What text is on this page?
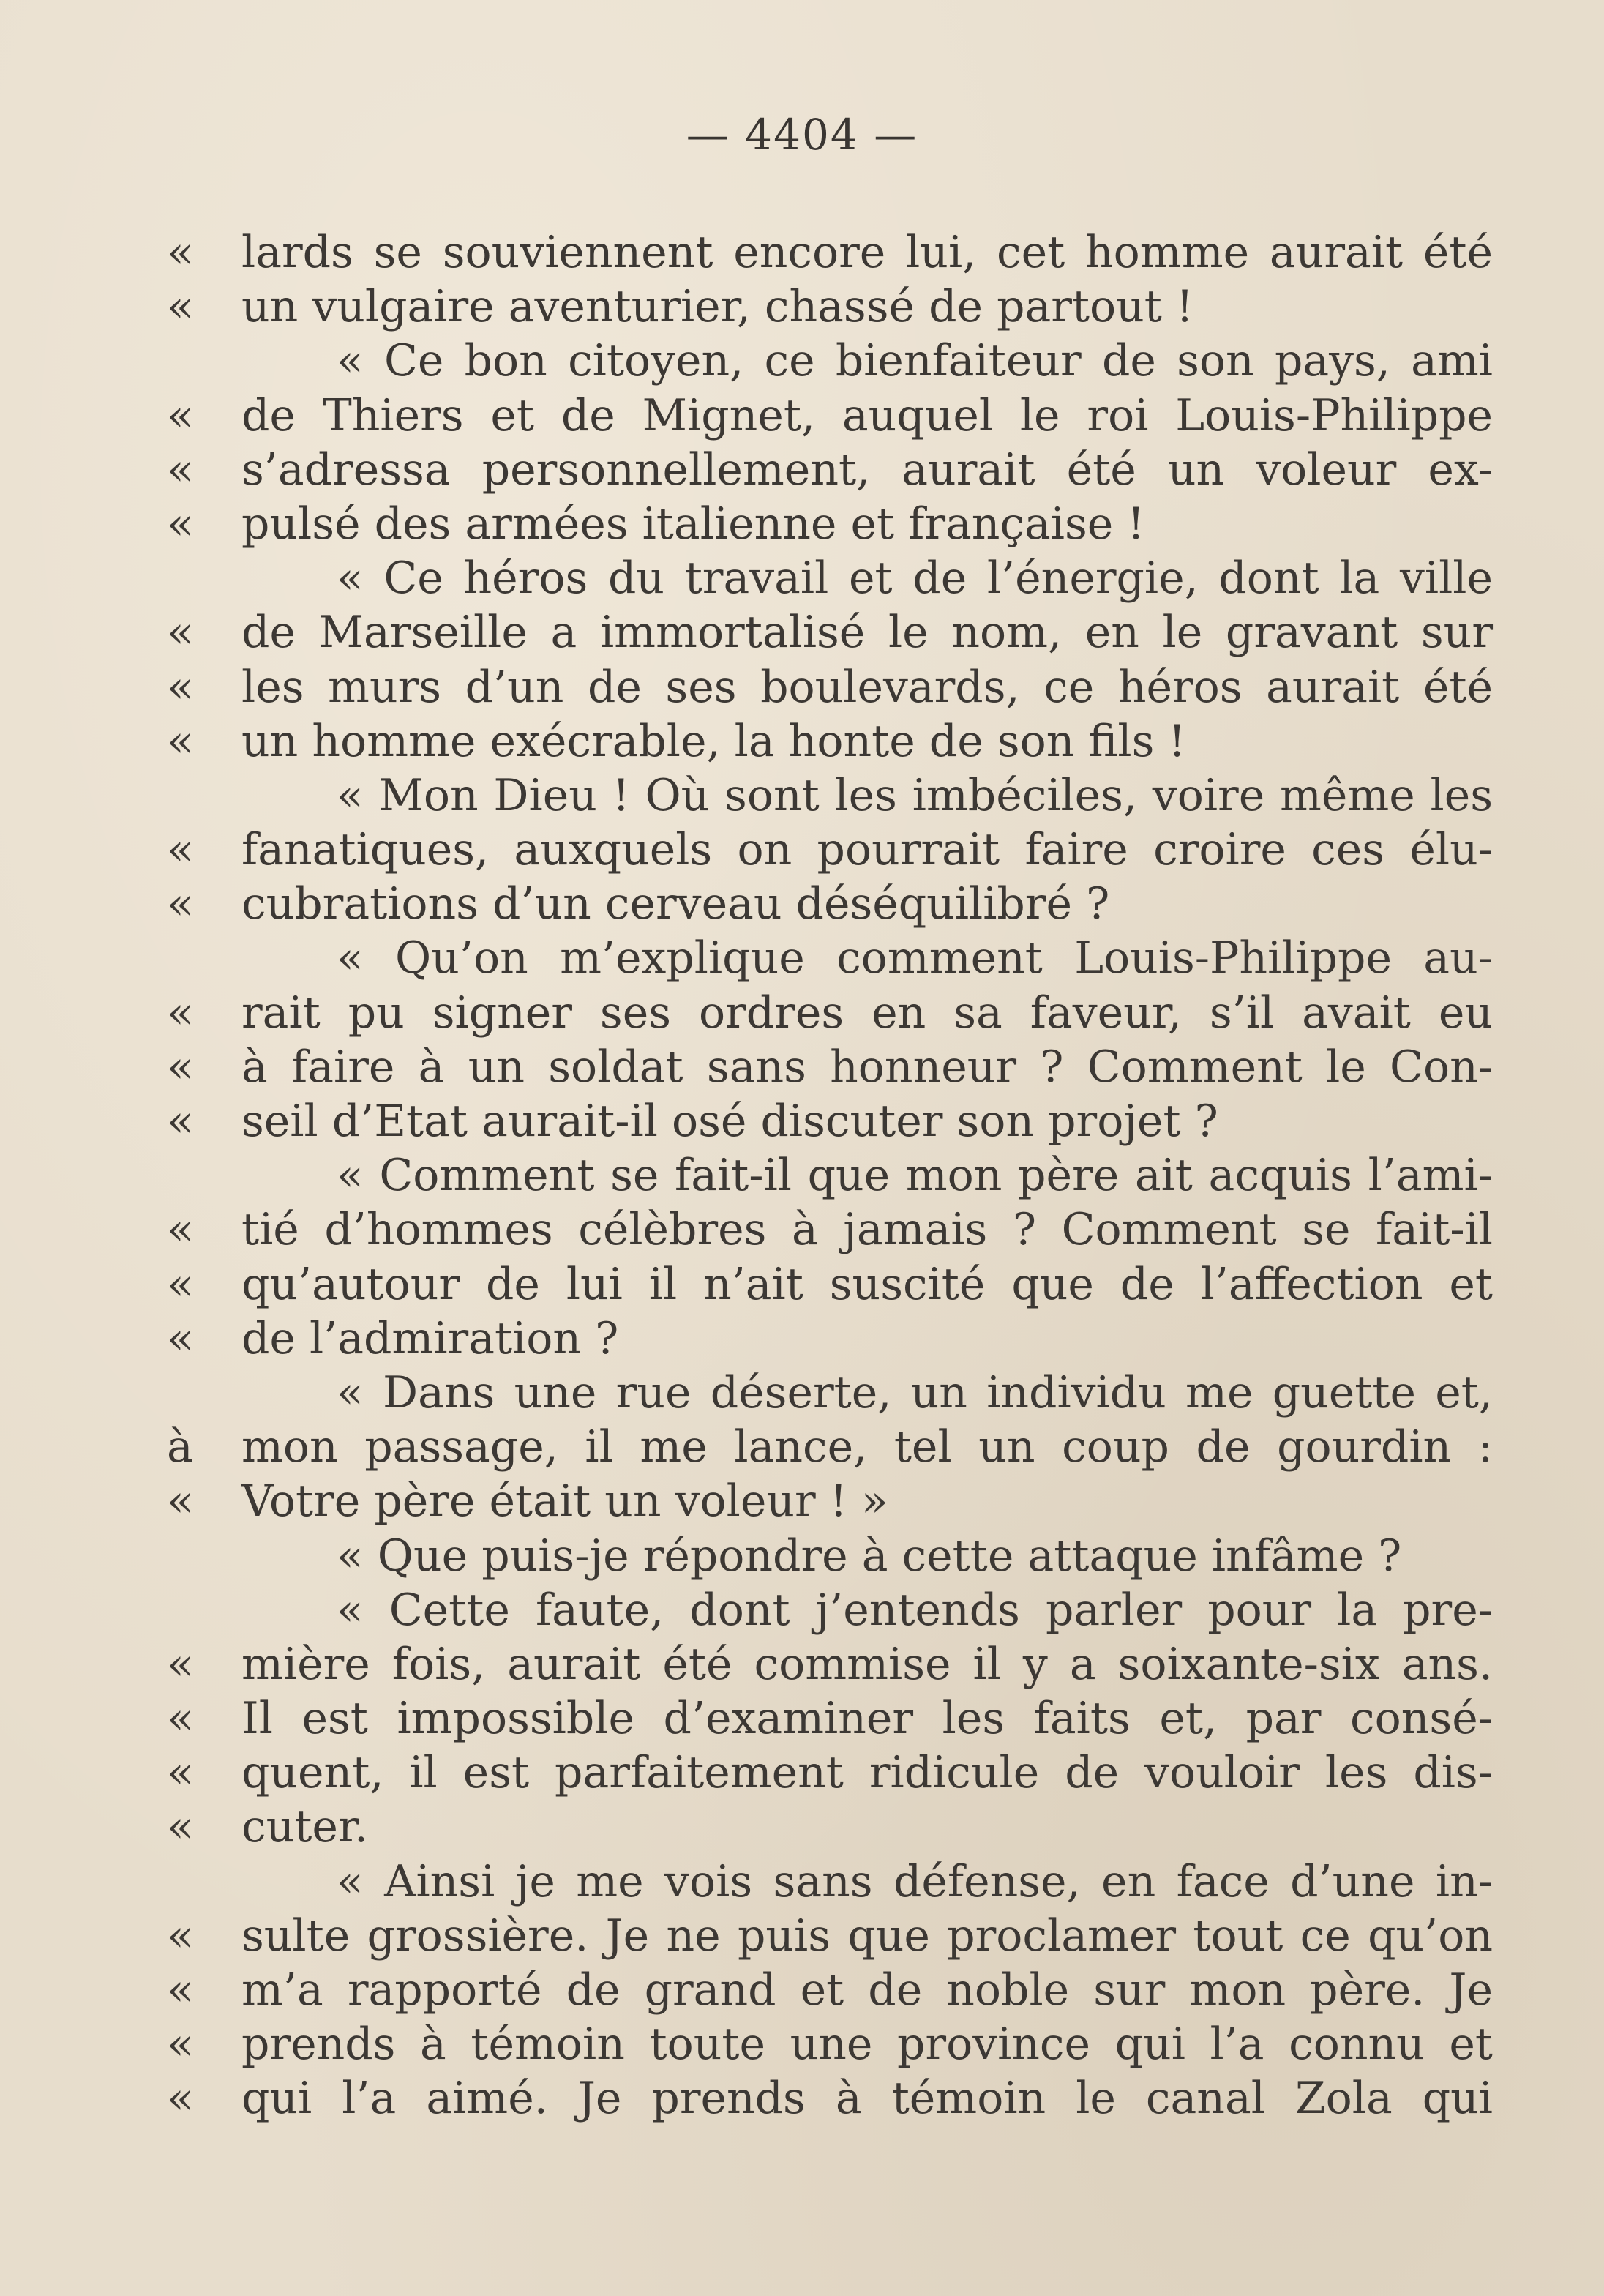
— 4404 —
«	lards se souviennent encore lui, cet homme aurait été
«	un vulgaire aventurier, chassé de partout !
« Ce bon citoyen, ce bienfaiteur de son pays, ami
«	de Thiers et de Mignet, auquel le roi Louis-Philippe
«	s’adressa personnellement, aurait été un voleur ex-
«	pulsé des armées italienne et française !
« Ce héros du travail et de l’énergie, dont la ville
«	de Marseille a immortalisé le nom, en le gravant sur
«	les murs d’un de ses boulevards, ce héros aurait été
«	un homme exécrable, la honte de son fils !
« Mon Dieu ! Où sont les imbéciles, voire même les
«	fanatiques, auxquels on pourrait faire croire ces élu-
«	cubrations d’un cerveau déséquilibré ?
« Qu’on m’explique comment Louis-Philippe au-
«	rait pu signer ses ordres en sa faveur, s’il avait eu
«	à faire à un soldat sans honneur ? Comment le Con-
«	seil d’Etat aurait-il osé discuter son projet ?
« Comment se fait-il que mon père ait acquis l’ami-
«	tié d’hommes célèbres à jamais ? Comment se fait-il
«	qu’autour de lui il n’ait suscité que de l’affection et
«	de l’admiration ?
« Dans une rue déserte, un individu me guette et,
à	mon passage, il me lance, tel un coup de gourdin :
«	Votre père était un voleur ! »
« Que puis-je répondre à cette attaque infâme ?
« Cette faute, dont j’entends parler pour la pre-
«	mière fois, aurait été commise il y a soixante-six ans.
«	Il est impossible d’examiner les faits et, par consé-
«	quent, il est parfaitement ridicule de vouloir les dis-
«	cuter.
« Ainsi je me vois sans défense, en face d’une in-
«	sulte grossière. Je ne puis que proclamer tout ce qu’on
«	m’a rapporté de grand et de noble sur mon père. Je
«	prends à témoin toute une province qui l’a connu et
«	qui l’a aimé. Je prends à témoin le canal Zola qui
